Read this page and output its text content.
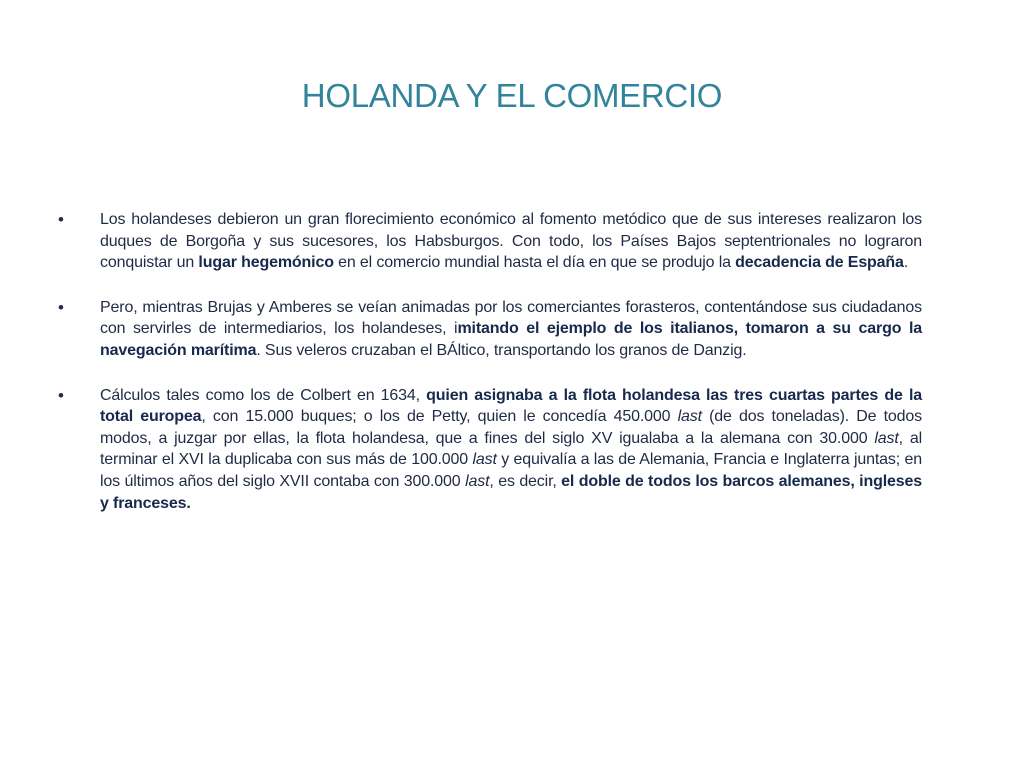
HOLANDA Y EL COMERCIO
• Los holandeses debieron un gran florecimiento económico al fomento metódico que de sus intereses realizaron los duques de Borgoña y sus sucesores, los Habsburgos. Con todo, los Países Bajos septentrionales no lograron conquistar un lugar hegemónico en el comercio mundial hasta el día en que se produjo la decadencia de España.
• Pero, mientras Brujas y Amberes se veían animadas por los comerciantes forasteros, contentándose sus ciudadanos con servirles de intermediarios, los holandeses, imitando el ejemplo de los italianos, tomaron a su cargo la navegación marítima. Sus veleros cruzaban el BÁltico, transportando los granos de Danzig.
• Cálculos tales como los de Colbert en 1634, quien asignaba a la flota holandesa las tres cuartas partes de la total europea, con 15.000 buques; o los de Petty, quien le concedía 450.000 last (de dos toneladas). De todos modos, a juzgar por ellas, la flota holandesa, que a fines del siglo XV igualaba a la alemana con 30.000 last, al terminar el XVI la duplicaba con sus más de 100.000 last y equivalía a las de Alemania, Francia e Inglaterra juntas; en los últimos años del siglo XVII contaba con 300.000 last, es decir, el doble de todos los barcos alemanes, ingleses y franceses.
